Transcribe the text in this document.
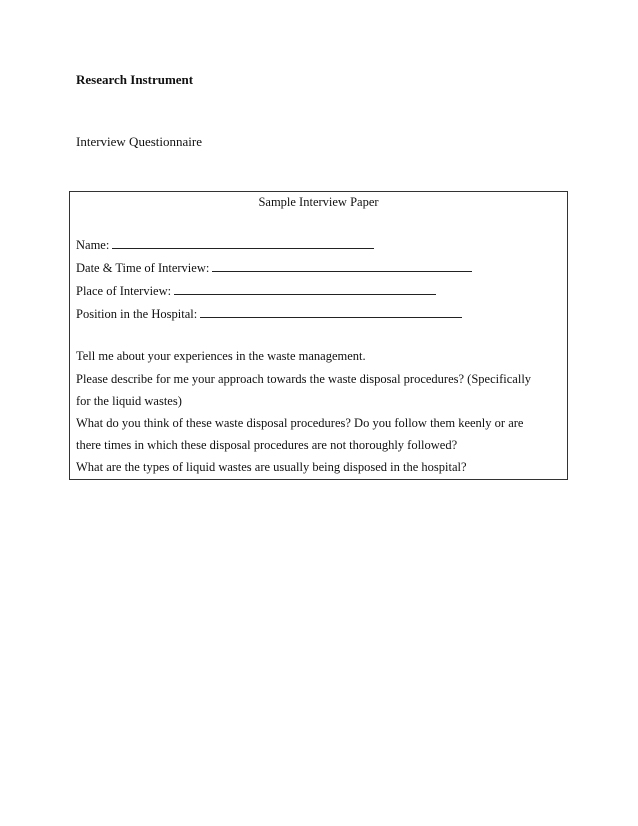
Research Instrument
Interview Questionnaire
Sample Interview Paper
Name:
Date & Time of Interview:
Place of Interview:
Position in the Hospital:
Tell me about your experiences in the waste management.
Please describe for me your approach towards the waste disposal procedures? (Specifically
for the liquid wastes)
What do you think of these waste disposal procedures? Do you follow them keenly or are
there times in which these disposal procedures are not thoroughly followed?
What are the types of liquid wastes are usually being disposed in the hospital?
